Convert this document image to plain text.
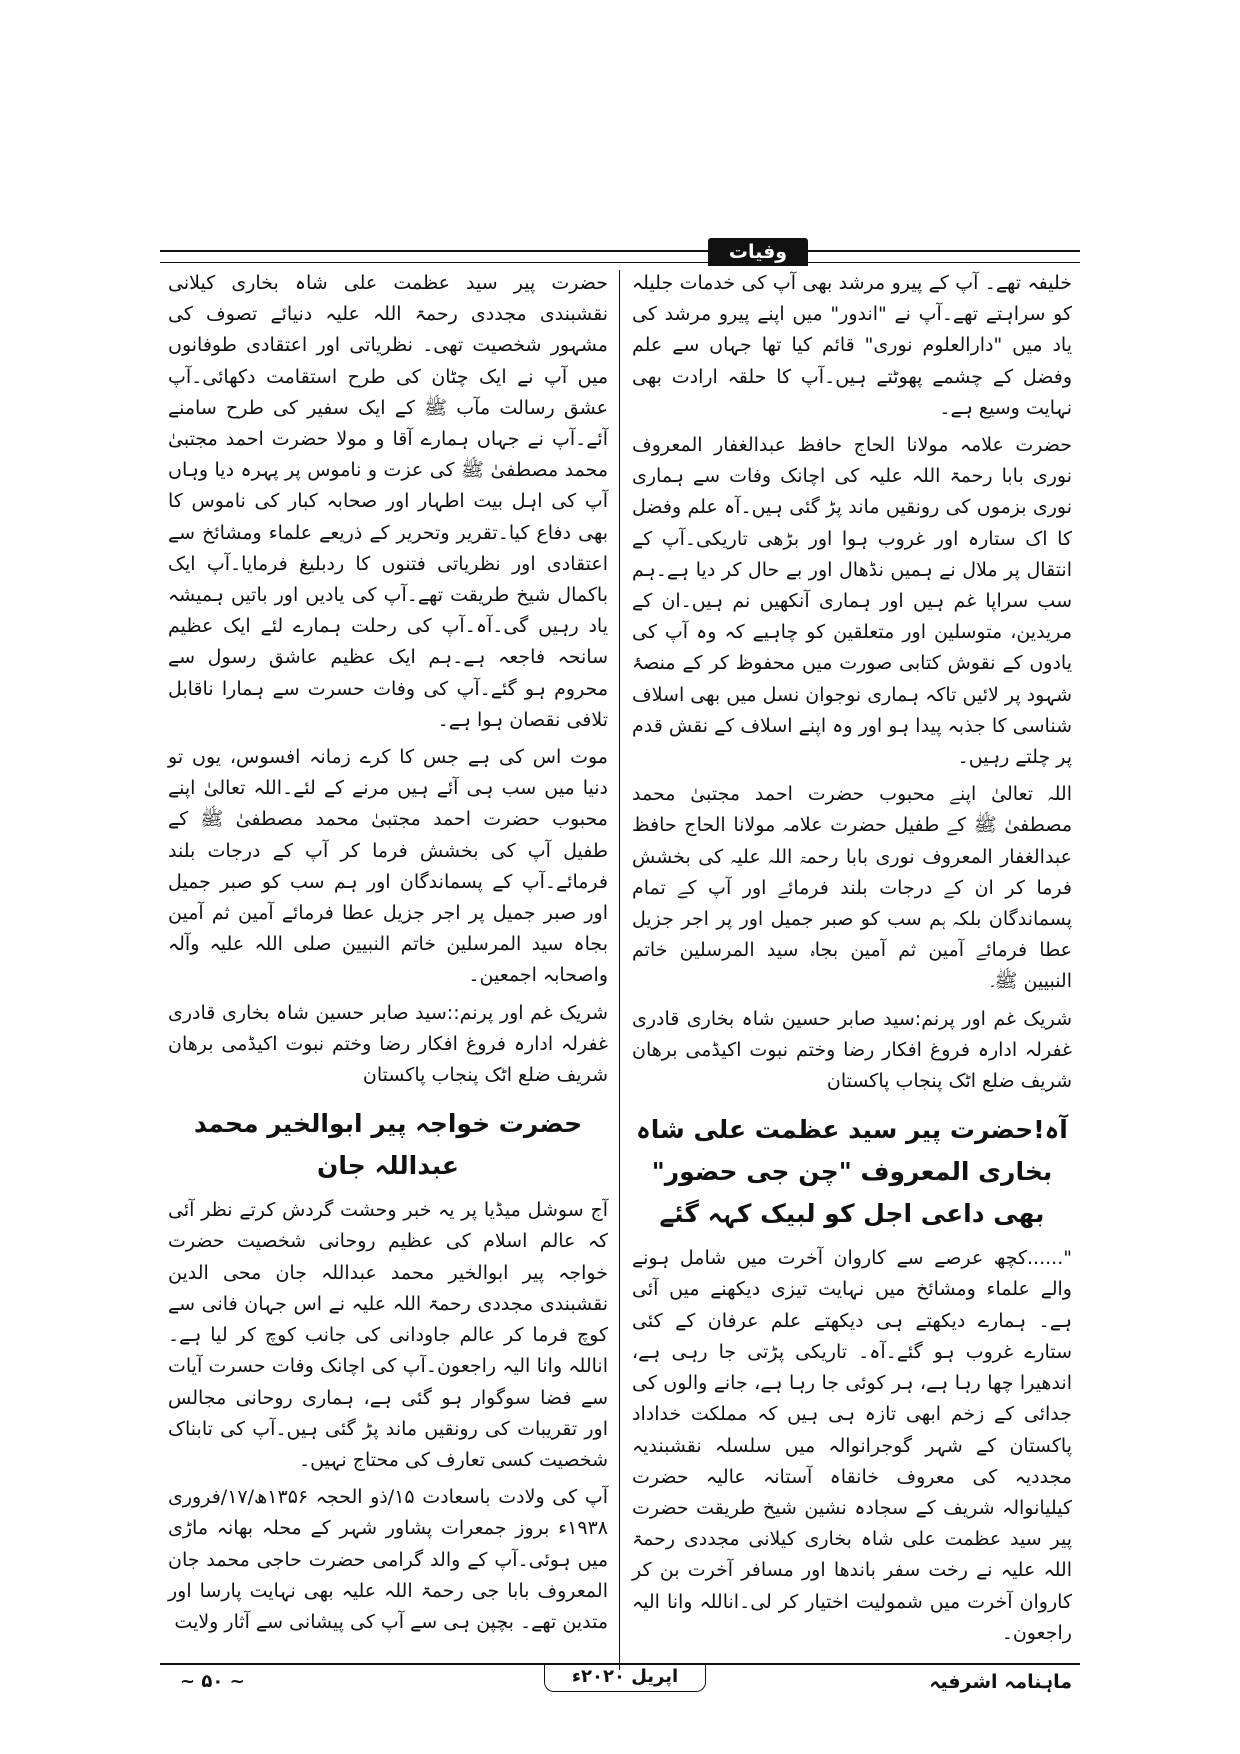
وفیات

خلیفہ تھے۔ آپ کے پیرو مرشد بھی آپ کی خدمات جلیلہ کو سراہتے تھے۔آپ نے "اندور" میں اپنے پیرو مرشد کی یاد میں "دارالعلوم نوری" قائم کیا تھا جہاں سے علم وفضل کے چشمے پھوٹتے ہیں۔آپ کا حلقہ ارادت بھی نہایت وسیع ہے۔

حضرت علامہ مولانا الحاج حافظ عبدالغفار المعروف نوری بابا رحمۃ اللہ علیہ کی اچانک وفات سے ہماری نوری بزموں کی رونقیں ماند پڑ گئی ہیں۔آہ علم وفضل کا اک ستارہ اور غروب ہوا اور بڑھی تاریکی۔آپ کے انتقال پر ملال نے ہمیں نڈھال اور بے حال کر دیا ہے۔ہم سب سراپا غم ہیں اور ہماری آنکھیں نم ہیں۔ان کے مریدین، متوسلین اور متعلقین کو چاہیے کہ وہ آپ کی یادوں کے نقوش کتابی صورت میں محفوظ کر کے منصۂ شہود پر لائیں تاکہ ہماری نوجوان نسل میں بھی اسلاف شناسی کا جذبہ پیدا ہو اور وہ اپنے اسلاف کے نقش قدم پر چلتے رہیں۔

اللہ تعالیٰ اپنے محبوب حضرت احمد مجتبیٰ محمد مصطفیٰ ﷺ کے طفیل حضرت علامہ مولانا الحاج حافظ عبدالغفار المعروف نوری بابا رحمۃ اللہ علیہ کی بخشش فرما کر ان کے درجات بلند فرمائے اور آپ کے تمام پسماندگان بلکہ ہم سب کو صبر جمیل اور پر اجر جزیل عطا فرمائے آمین ثم آمین بجاہ سید المرسلین خاتم النبیین ﷺ۔

شریک غم اور پرنم:سید صابر حسین شاہ بخاری قادری غفرلہ ادارہ فروغ افکار رضا وختم نبوت اکیڈمی برھان شریف ضلع اٹک پنجاب پاکستان

آہ!حضرت پیر سید عظمت علی شاہ بخاری المعروف "چن جی حضور" بھی داعی اجل کو لبیک کہہ گئے

"......کچھ عرصے سے کاروان آخرت میں شامل ہونے والے علماء ومشائخ میں نہایت تیزی دیکھنے میں آئی ہے۔ ہمارے دیکھتے ہی دیکھتے علم عرفان کے کئی ستارے غروب ہو گئے۔آہ۔ تاریکی پڑتی جا رہی ہے، اندھیرا چھا رہا ہے، ہر کوئی جا رہا ہے، جانے والوں کی جدائی کے زخم ابھی تازہ ہی ہیں کہ مملکت خداداد پاکستان کے شہر گوجرانوالہ میں سلسلہ نقشبندیہ مجددیہ کی معروف خانقاہ آستانہ عالیہ حضرت کیلیانوالہ شریف کے سجادہ نشین شیخ طریقت حضرت پیر سید عظمت علی شاہ بخاری کیلانی مجددی رحمۃ اللہ علیہ نے رخت سفر باندھا اور مسافر آخرت بن کر کاروان آخرت میں شمولیت اختیار کر لی۔اناللہ وانا الیہ راجعون۔

حضرت پیر سید عظمت علی شاہ بخاری کیلانی نقشبندی مجددی رحمۃ اللہ علیہ دنیائے تصوف کی مشہور شخصیت تھی۔ نظریاتی اور اعتقادی طوفانوں میں آپ نے ایک چٹان کی طرح استقامت دکھائی۔آپ عشق رسالت مآب ﷺ کے ایک سفیر کی طرح سامنے آئے۔آپ نے جہاں ہمارے آقا و مولا حضرت احمد مجتبیٰ محمد مصطفیٰ ﷺ کی عزت و ناموس پر پہرہ دیا وہاں آپ کی اہل بیت اطہار اور صحابہ کبار کی ناموس کا بھی دفاع کیا۔تقریر وتحریر کے ذریعے علماء ومشائخ سے اعتقادی اور نظریاتی فتنوں کا ردبلیغ فرمایا۔آپ ایک باکمال شیخ طریقت تھے۔آپ کی یادیں اور باتیں ہمیشہ یاد رہیں گی۔آہ۔آپ کی رحلت ہمارے لئے ایک عظیم سانحہ فاجعہ ہے۔ہم ایک عظیم عاشق رسول سے محروم ہو گئے۔آپ کی وفات حسرت سے ہمارا ناقابل تلافی نقصان ہوا ہے۔

موت اس کی ہے جس کا کرے زمانہ افسوس، یوں تو دنیا میں سب ہی آئے ہیں مرنے کے لئے۔اللہ تعالیٰ اپنے محبوب حضرت احمد مجتبیٰ محمد مصطفیٰ ﷺ کے طفیل آپ کی بخشش فرما کر آپ کے درجات بلند فرمائے۔آپ کے پسماندگان اور ہم سب کو صبر جمیل اور صبر جمیل پر اجر جزیل عطا فرمائے آمین ثم آمین بجاہ سید المرسلین خاتم النبیین صلی اللہ علیہ وآلہ واصحابہ اجمعین۔

شریک غم اور پرنم::سید صابر حسین شاہ بخاری قادری غفرلہ ادارہ فروغ افکار رضا وختم نبوت اکیڈمی برھان شریف ضلع اٹک پنجاب پاکستان

حضرت خواجہ پیر ابوالخیر محمد عبداللہ جان

آج سوشل میڈیا پر یہ خبر وحشت گردش کرتے نظر آئی کہ عالم اسلام کی عظیم روحانی شخصیت حضرت خواجہ پیر ابوالخیر محمد عبداللہ جان محی الدین نقشبندی مجددی رحمۃ اللہ علیہ نے اس جہان فانی سے کوچ فرما کر عالم جاودانی کی جانب کوچ کر لیا ہے۔اناللہ وانا الیہ راجعون۔آپ کی اچانک وفات حسرت آیات سے فضا سوگوار ہو گئی ہے، ہماری روحانی مجالس اور تقریبات کی رونقیں ماند پڑ گئی ہیں۔آپ کی تابناک شخصیت کسی تعارف کی محتاج نہیں۔

آپ کی ولادت باسعادت ۱۵/ذو الحجہ ۱۳۵۶ھ/۱۷/فروری ۱۹۳۸ء بروز جمعرات پشاور شہر کے محلہ بھانہ ماڑی میں ہوئی۔آپ کے والد گرامی حضرت حاجی محمد جان المعروف بابا جی رحمۃ اللہ علیہ بھی نہایت پارسا اور متدین تھے۔ بچپن ہی سے آپ کی پیشانی سے آثار ولایت

ماہنامہ اشرفیہ
اپریل ۲۰۲۰ء
~ ۵۰ ~
